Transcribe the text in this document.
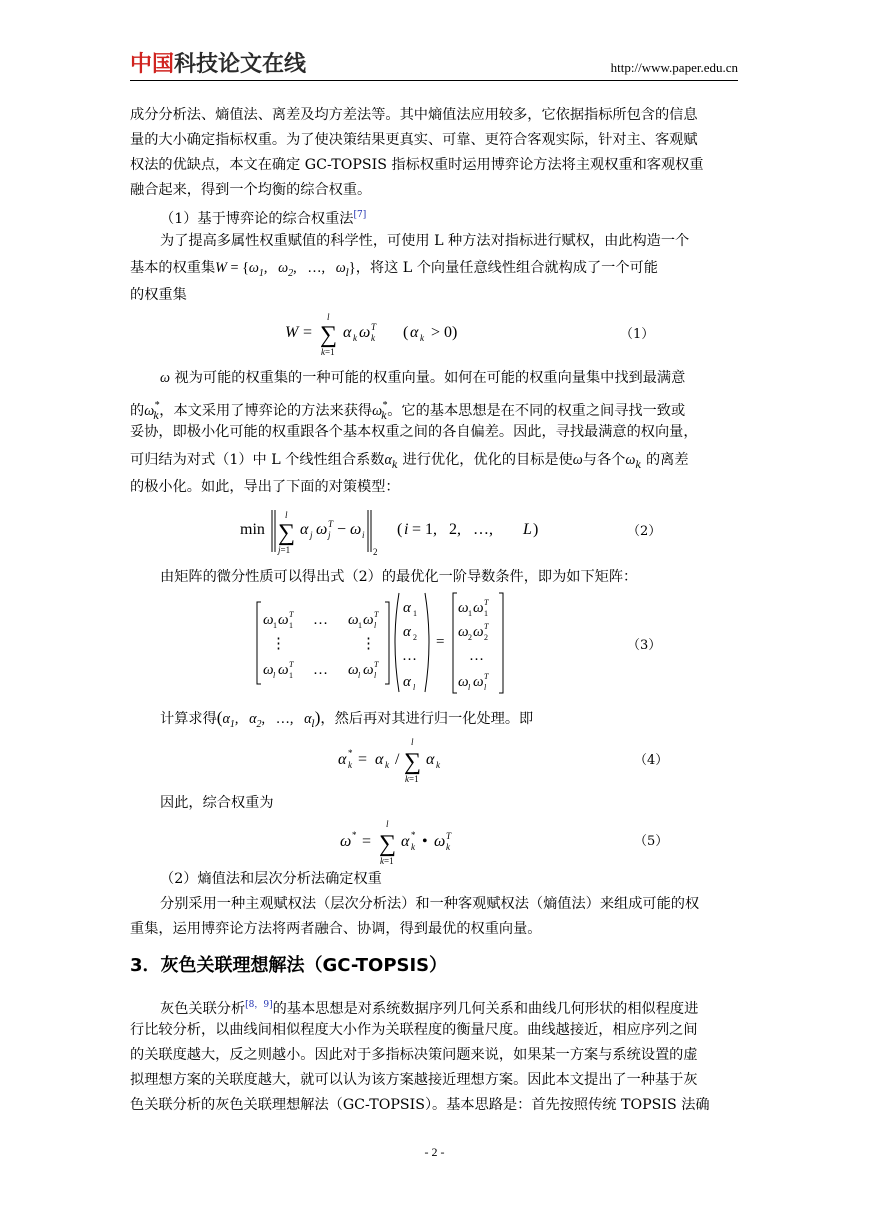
中国科技论文在线	http://www.paper.edu.cn
成分分析法、熵值法、离差及均方差法等。其中熵值法应用较多，它依据指标所包含的信息
量的大小确定指标权重。为了使决策结果更真实、可靠、更符合客观实际，针对主、客观赋
权法的优缺点，本文在确定 GC-TOPSIS 指标权重时运用博弈论方法将主观权重和客观权重
融合起来，得到一个均衡的综合权重。
（1）基于博弈论的综合权重法[7]
为了提高多属性权重赋值的科学性，可使用 L 种方法对指标进行赋权，由此构造一个
基本的权重集$W = \{\omega_1$,   $\omega_2$,   …,   $\omega_l$}，将这 L 个向量任意线性组合就构成了一个可能
的权重集
W = ∑
l
k=1
α k ω T
k ( α k > 0)	（1）
ω 视为可能的权重集的一种可能的权重向量。如何在可能的权重向量集中找到最满意
的$\omega^*_k$，本文采用了博弈论的方法来获得$\omega^*_k$。它的基本思想是在不同的权重之间寻找一致或
妥协，即极小化可能的权重跟各个基本权重之间的各自偏差。因此，寻找最满意的权向量，
可归结为对式（1）中 L 个线性组合系数$\alpha_k$ 进行优化，优化的目标是使ω与各个$\omega_k$ 的离差
的极小化。如此，导出了下面的对策模型：
min ∑
l
j=1
α j ω T
j − ω i
2
( i = 1,   2,   …, L )	（2）
由矩阵的微分性质可以得出式（2）的最优化一阶导数条件，即为如下矩阵：
ω 1 ω T
1 … ω 1 ω T
l
⋮	⋮
ω l ω T
1 … ω l ω T
l
α 1
α 2
…
α l
=
ω 1 ω T
1
ω 2 ω T
2
…
ω l ω T
l
（3）
计算求得($\alpha_1$,   $\alpha_2$,   …,   $\alpha_l$)，然后再对其进行归一化处理。即
α *
k = α k / ∑
l
k=1
α k	（4）
因此，综合权重为
ω * = ∑
l
k=1
α *
k • ω T
k	（5）
（2）熵值法和层次分析法确定权重
分别采用一种主观赋权法（层次分析法）和一种客观赋权法（熵值法）来组成可能的权
重集，运用博弈论方法将两者融合、协调，得到最优的权重向量。
3．灰色关联理想解法（GC-TOPSIS）
灰色关联分析[8，9]的基本思想是对系统数据序列几何关系和曲线几何形状的相似程度进
行比较分析，以曲线间相似程度大小作为关联程度的衡量尺度。曲线越接近，相应序列之间
的关联度越大，反之则越小。因此对于多指标决策问题来说，如果某一方案与系统设置的虚
拟理想方案的关联度越大，就可以认为该方案越接近理想方案。因此本文提出了一种基于灰
色关联分析的灰色关联理想解法（GC-TOPSIS）。基本思路是：首先按照传统 TOPSIS 法确
- 2 -
